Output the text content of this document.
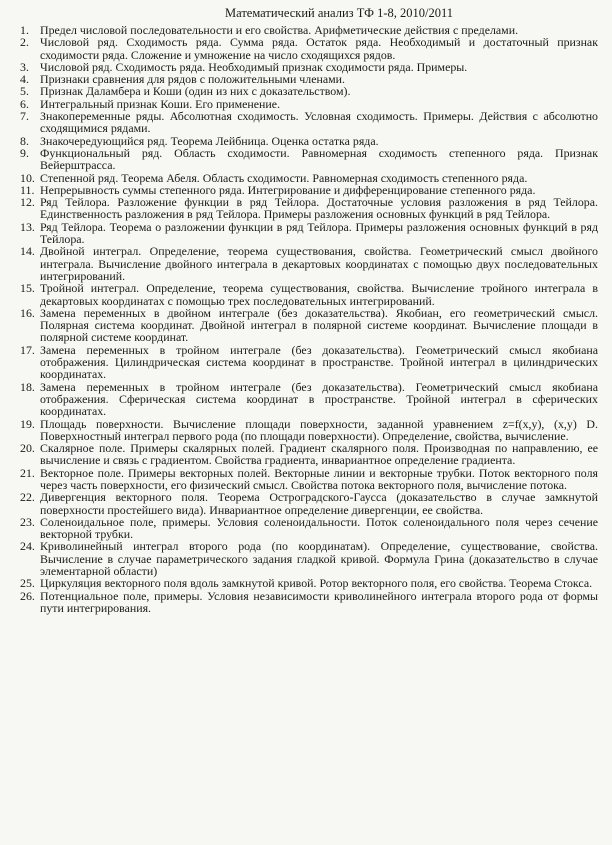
Математический анализ ТФ 1-8, 2010/2011
1. Предел числовой последовательности и его свойства. Арифметические действия с пределами.
2. Числовой ряд. Сходимость ряда. Сумма ряда. Остаток ряда. Необходимый и достаточный признак сходимости ряда. Сложение и умножение на число сходящихся рядов.
3. Числовой ряд. Сходимость ряда. Необходимый признак сходимости ряда. Примеры.
4. Признаки сравнения для рядов с положительными членами.
5. Признак Даламбера и Коши (один из них с доказательством).
6. Интегральный признак Коши. Его применение.
7. Знакопеременные ряды. Абсолютная сходимость. Условная сходимость. Примеры. Действия с абсолютно сходящимися рядами.
8. Знакочередующийся ряд. Теорема Лейбница. Оценка остатка ряда.
9. Функциональный ряд. Область сходимости. Равномерная сходимость степенного ряда. Признак Вейерштрасса.
10. Степенной ряд. Теорема Абеля. Область сходимости. Равномерная сходимость степенного ряда.
11. Непрерывность суммы степенного ряда. Интегрирование и дифференцирование степенного ряда.
12. Ряд Тейлора. Разложение функции в ряд Тейлора. Достаточные условия разложения в ряд Тейлора. Единственность разложения в ряд Тейлора. Примеры разложения основных функций в ряд Тейлора.
13. Ряд Тейлора. Теорема о разложении функции в ряд Тейлора. Примеры разложения основных функций в ряд Тейлора.
14. Двойной интеграл. Определение, теорема существования, свойства. Геометрический смысл двойного интеграла. Вычисление двойного интеграла в декартовых координатах с помощью двух последовательных интегрирований.
15. Тройной интеграл. Определение, теорема существования, свойства. Вычисление тройного интеграла в декартовых координатах с помощью трех последовательных интегрирований.
16. Замена переменных в двойном интеграле (без доказательства). Якобиан, его геометрический смысл. Полярная система координат. Двойной интеграл в полярной системе координат. Вычисление площади в полярной системе координат.
17. Замена переменных в тройном интеграле (без доказательства). Геометрический смысл якобиана отображения. Цилиндрическая система координат в пространстве. Тройной интеграл в цилиндрических координатах.
18. Замена переменных в тройном интеграле (без доказательства). Геометрический смысл якобиана отображения. Сферическая система координат в пространстве. Тройной интеграл в сферических координатах.
19. Площадь поверхности. Вычисление площади поверхности, заданной уравнением z=f(x,y), (x,y) D. Поверхностный интеграл первого рода (по площади поверхности). Определение, свойства, вычисление.
20. Скалярное поле. Примеры скалярных полей. Градиент скалярного поля. Производная по направлению, ее вычисление и связь с градиентом. Свойства градиента, инвариантное определение градиента.
21. Векторное поле. Примеры векторных полей. Векторные линии и векторные трубки. Поток векторного поля через часть поверхности, его физический смысл. Свойства потока векторного поля, вычисление потока.
22. Дивергенция векторного поля. Теорема Остроградского-Гаусса (доказательство в случае замкнутой поверхности простейшего вида). Инвариантное определение дивергенции, ее свойства.
23. Соленоидальное поле, примеры. Условия соленоидальности. Поток соленоидального поля через сечение векторной трубки.
24. Криволинейный интеграл второго рода (по координатам). Определение, существование, свойства. Вычисление в случае параметрического задания гладкой кривой. Формула Грина (доказательство в случае элементарной области)
25. Циркуляция векторного поля вдоль замкнутой кривой. Ротор векторного поля, его свойства. Теорема Стокса.
26. Потенциальное поле, примеры. Условия независимости криволинейного интеграла второго рода от формы пути интегрирования.
